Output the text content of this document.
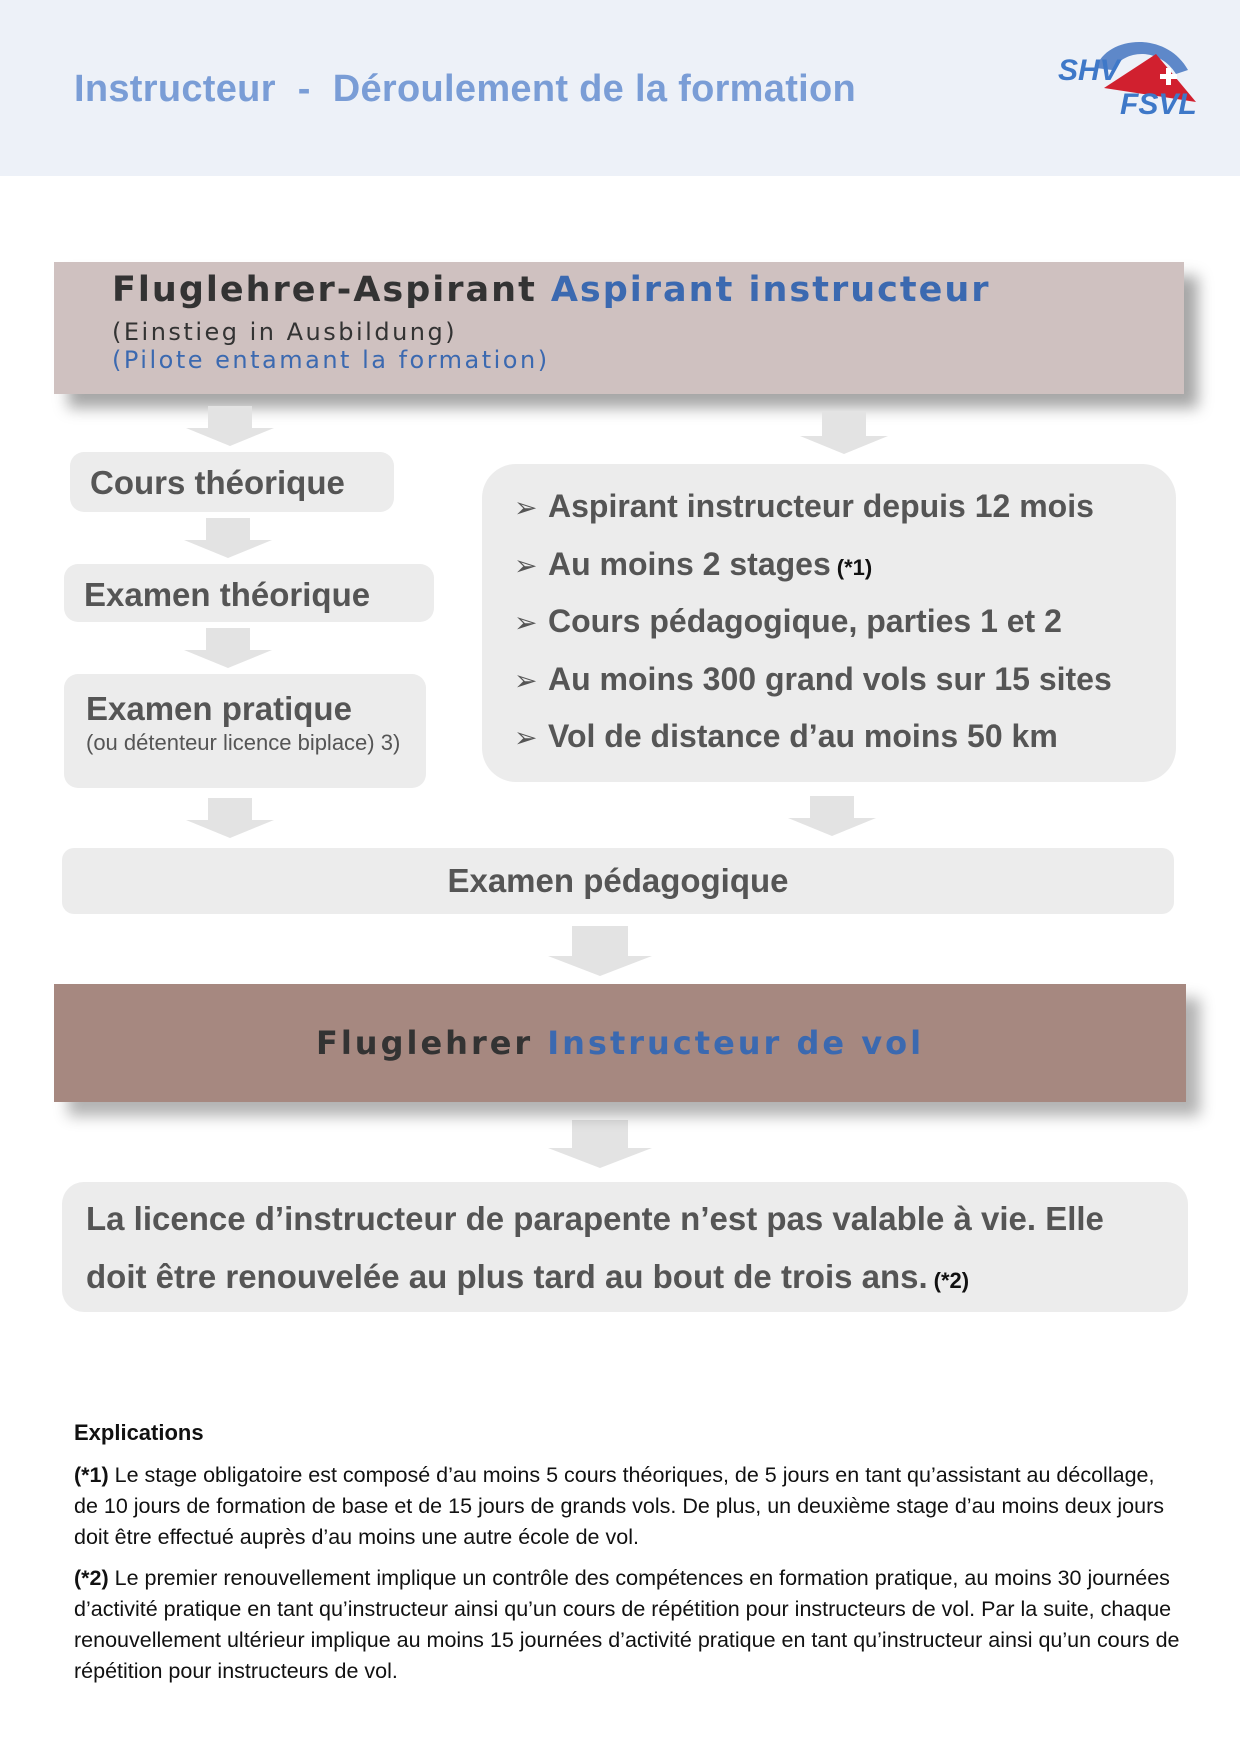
Instructeur - Déroulement de la formation	SHV
FSVL
Fluglehrer-Aspirant Aspirant instructeur
(Einstieg in Ausbildung)
(Pilote entamant la formation)
Cours théorique
Examen théorique
Examen pratique
(ou détenteur licence biplace) 3)
➢ Aspirant instructeur depuis 12 mois
➢ Au moins 2 stages (*1)
➢ Cours pédagogique, parties 1 et 2
➢ Au moins 300 grand vols sur 15 sites
➢ Vol de distance d’au moins 50 km
Examen pédagogique
Fluglehrer Instructeur de vol
La licence d’instructeur de parapente n’est pas valable à vie. Elle
doit être renouvelée au plus tard au bout de trois ans. (*2)
Explications

(*1) Le stage obligatoire est composé d’au moins 5 cours théoriques, de 5 jours en tant qu’assistant au décollage, de 10 jours de formation de base et de 15 jours de grands vols. De plus, un deuxième stage d’au moins deux jours doit être effectué auprès d’au moins une autre école de vol.

(*2) Le premier renouvellement implique un contrôle des compétences en formation pratique, au moins 30 journées d’activité pratique en tant qu’instructeur ainsi qu’un cours de répétition pour instructeurs de vol. Par la suite, chaque renouvellement ultérieur implique au moins 15 journées d’activité pratique en tant qu’instructeur ainsi qu’un cours de répétition pour instructeurs de vol.
